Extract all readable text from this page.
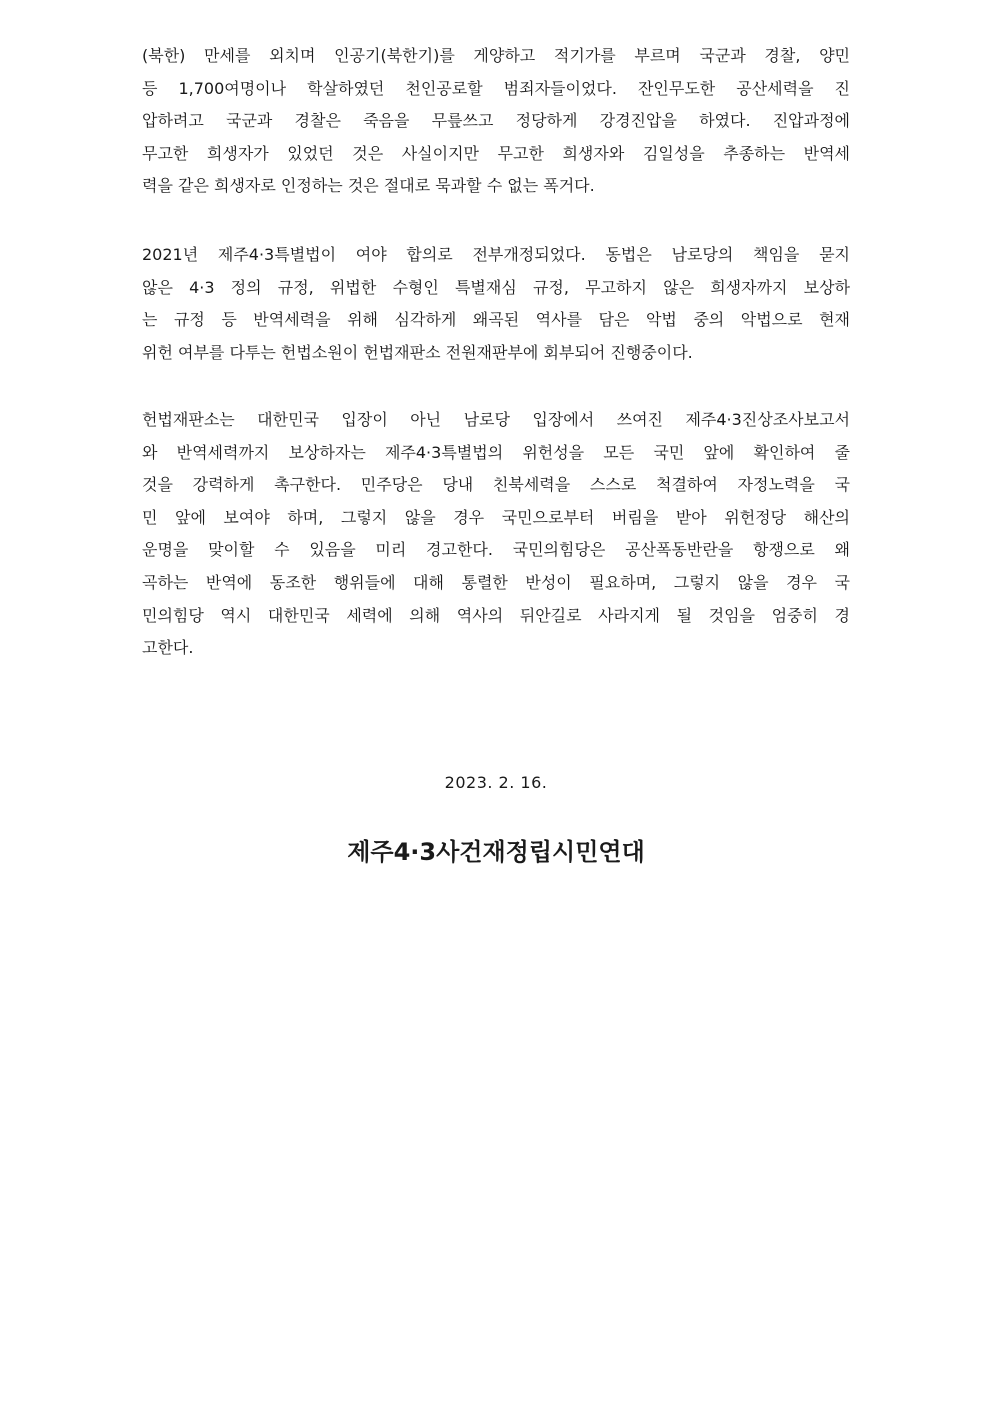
(북한) 만세를 외치며 인공기(북한기)를 게양하고 적기가를 부르며 국군과 경찰, 양민
등 1,700여명이나 학살하였던 천인공로할 범죄자들이었다. 잔인무도한 공산세력을 진
압하려고 국군과 경찰은 죽음을 무릎쓰고 정당하게 강경진압을 하였다. 진압과정에
무고한 희생자가 있었던 것은 사실이지만 무고한 희생자와 김일성을 추종하는 반역세
력을 같은 희생자로 인정하는 것은 절대로 묵과할 수 없는 폭거다.
2021년 제주4·3특별법이 여야 합의로 전부개정되었다. 동법은 남로당의 책임을 묻지
않은 4·3 정의 규정, 위법한 수형인 특별재심 규정, 무고하지 않은 희생자까지 보상하
는 규정 등 반역세력을 위해 심각하게 왜곡된 역사를 담은 악법 중의 악법으로 현재
위헌 여부를 다투는 헌법소원이 헌법재판소 전원재판부에 회부되어 진행중이다.
헌법재판소는 대한민국 입장이 아닌 남로당 입장에서 쓰여진 제주4·3진상조사보고서
와 반역세력까지 보상하자는 제주4·3특별법의 위헌성을 모든 국민 앞에 확인하여 줄
것을 강력하게 촉구한다. 민주당은 당내 친북세력을 스스로 척결하여 자정노력을 국
민 앞에 보여야 하며, 그렇지 않을 경우 국민으로부터 버림을 받아 위헌정당 해산의
운명을 맞이할 수 있음을 미리 경고한다. 국민의힘당은 공산폭동반란을 항쟁으로 왜
곡하는 반역에 동조한 행위들에 대해 통렬한 반성이 필요하며, 그렇지 않을 경우 국
민의힘당 역시 대한민국 세력에 의해 역사의 뒤안길로 사라지게 될 것임을 엄중히 경
고한다.
2023. 2. 16.
제주4·3사건재정립시민연대
